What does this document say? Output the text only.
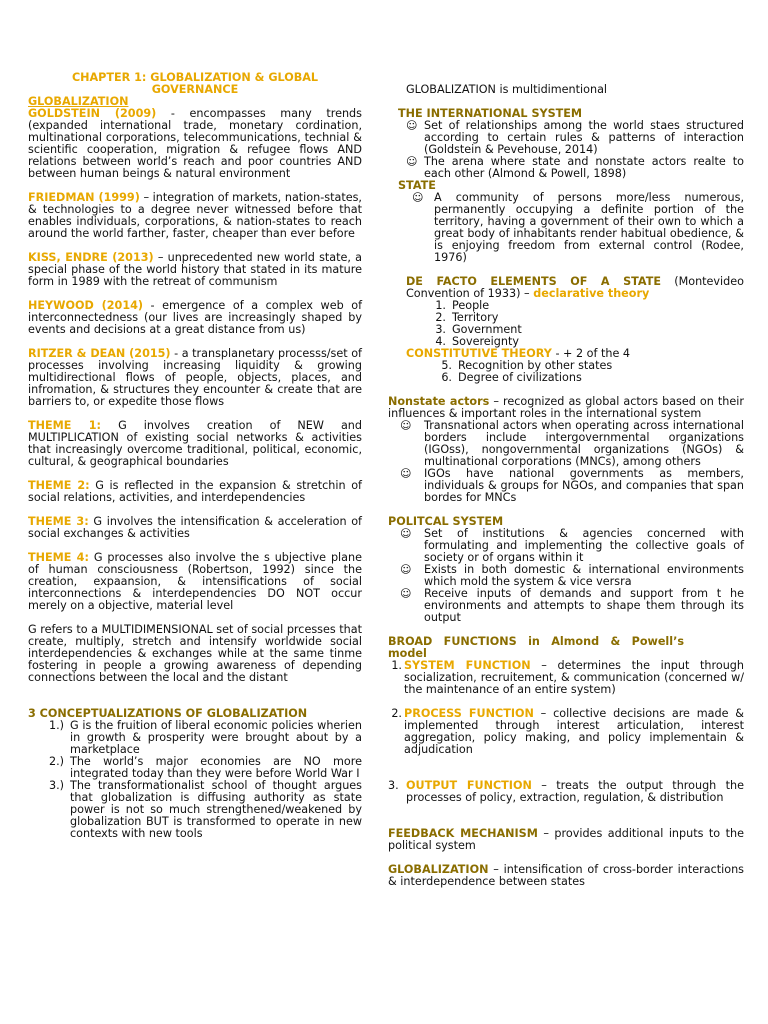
CHAPTER 1: GLOBALIZATION & GLOBAL GOVERNANCE

GLOBALIZATION

GOLDSTEIN (2009) - encompasses many trends (expanded international trade, monetary cordination, multinational corporations, telecommunications, technial & scientific cooperation, migration & refugee flows AND relations between world’s reach and poor countries AND between human beings & natural environment

FRIEDMAN (1999) – integration of markets, nation-states, & technologies to a degree never witnessed before that enables individuals, corporations, & nation-states to reach around the world farther, faster, cheaper than ever before

KISS, ENDRE (2013) – unprecedented new world state, a special phase of the world history that stated in its mature form in 1989 with the retreat of communism

HEYWOOD (2014) - emergence of a complex web of interconnectedness (our lives are increasingly shaped by events and decisions at a great distance from us)

RITZER & DEAN (2015) - a transplanetary processs/set of processes involving increasing liquidity & growing multidirectional flows of people, objects, places, and infromation, & structures they encounter & create that are barriers to, or expedite those flows

THEME 1: G involves creation of NEW and MULTIPLICATION of existing social networks & activities that increasingly overcome traditional, political, economic, cultural, & geographical boundaries

THEME 2: G is reflected in the expansion & stretchin of social relations, activities, and interdependencies

THEME 3: G involves the intensification & acceleration of social exchanges & activities

THEME 4: G processes also involve the s ubjective plane of human consciousness (Robertson, 1992) since the creation, expaansion, & intensifications of social interconnections & interdependencies DO NOT occur merely on a objective, material level

G refers to a MULTIDIMENSIONAL set of social prcesses that create, multiply, stretch and intensify worldwide social interdependencies & exchanges while at the same tinme fostering in people a growing awareness of depending connections between the local and the distant

3 CONCEPTUALIZATIONS OF GLOBALIZATION

1.) G is the fruition of liberal economic policies wherien in growth & prosperity were brought about by a marketplace
2.) The world’s major economies are NO more integrated today than they were before World War I
3.) The transformationalist school of thought argues that globalization is diffusing authority as state power is not so much strengthened/weakened by globalization BUT is transformed to operate in new contexts with new tools

GLOBALIZATION is multidimentional

THE INTERNATIONAL SYSTEM

☺ Set of relationships among the world staes structured according to certain rules & patterns of interaction (Goldstein & Pevehouse, 2014)
☺ The arena where state and nonstate actors realte to each other (Almond & Powell, 1898)

STATE

☺ A community of persons more/less numerous, permanently occupying a definite portion of the territory, having a government of their own to which a great body of inhabitants render habitual obedience, & is enjoying freedom from external control (Rodee, 1976)

DE FACTO ELEMENTS OF A STATE (Montevideo Convention of 1933) – declarative theory

1. People
2. Territory
3. Government
4. Sovereignty

CONSTITUTIVE THEORY - + 2 of the 4

5. Recognition by other states
6. Degree of civilizations

Nonstate actors – recognized as global actors based on their influences & important roles in the international system

☺	Transnational actors when operating across international borders include intergovernmental organizations (IGOss), nongovernmental organizations (NGOs) & multinational corporations (MNCs), among others
☺	IGOs have national governments as members, individuals & groups for NGOs, and companies that span bordes for MNCs

POLITCAL SYSTEM

☺	Set of institutions & agencies concerned with formulating and implementing the collective goals of society or of organs within it
☺	Exists in both domestic & international environments which mold the system & vice versra
☺	Receive inputs of demands and support from t he environments and attempts to shape them through its output

BROAD FUNCTIONS in Almond & Powell’s model

1. SYSTEM FUNCTION – determines the input through socialization, recruitement, & communication (concerned w/ the maintenance of an entire system)

2. PROCESS FUNCTION – collective decisions are made & implemented through interest articulation, interest aggregation, policy making, and policy implementain & adjudication

3. OUTPUT FUNCTION – treats the output through the processes of policy, extraction, regulation, & distribution

FEEDBACK MECHANISM – provides additional inputs to the political system

GLOBALIZATION – intensification of cross-border interactions & interdependence between states
